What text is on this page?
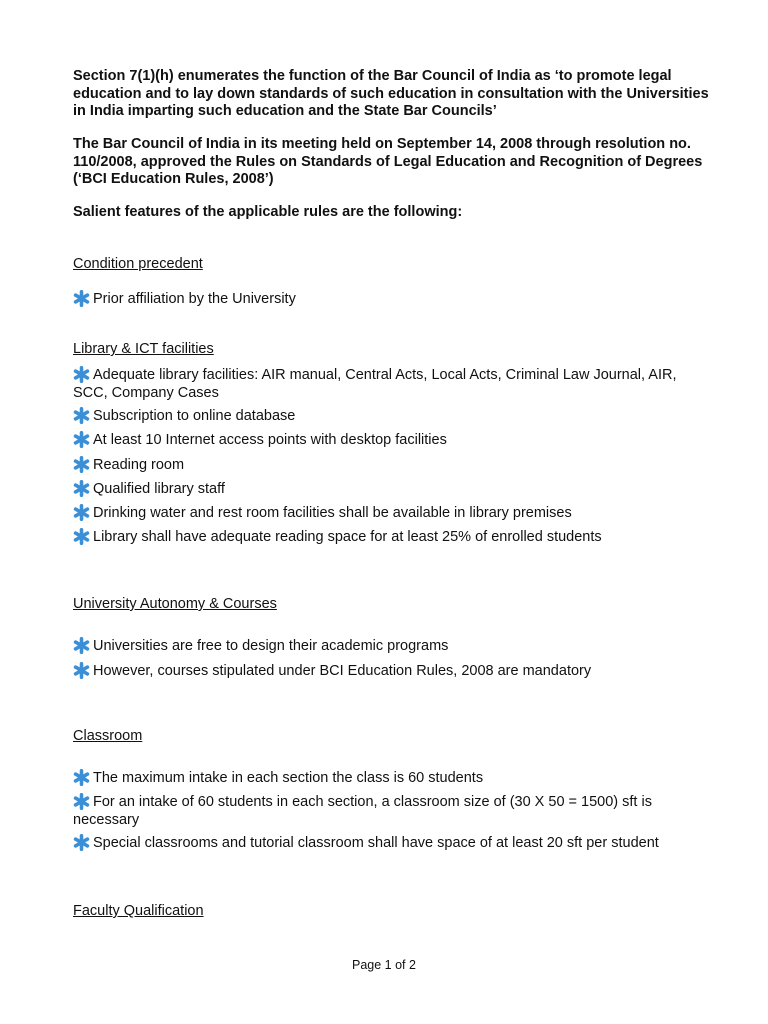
Section 7(1)(h) enumerates the function of the Bar Council of India as ‘to promote legal education and to lay down standards of such education in consultation with the Universities in India imparting such education and the State Bar Councils’

The Bar Council of India in its meeting held on September 14, 2008 through resolution no. 110/2008, approved the Rules on Standards of Legal Education and Recognition of Degrees (‘BCI Education Rules, 2008’)

Salient features of the applicable rules are the following:

Condition precedent

Prior affiliation by the University

Library & ICT facilities

Adequate library facilities: AIR manual, Central Acts, Local Acts, Criminal Law Journal, AIR, SCC, Company Cases

Subscription to online database

At least 10 Internet access points with desktop facilities

Reading room

Qualified library staff

Drinking water and rest room facilities shall be available in library premises

Library shall have adequate reading space for at least 25% of enrolled students

University Autonomy & Courses

Universities are free to design their academic programs

However, courses stipulated under BCI Education Rules, 2008 are mandatory

Classroom

The maximum intake in each section the class is 60 students

For an intake of 60 students in each section, a classroom size of (30 X 50 = 1500) sft is necessary

Special classrooms and tutorial classroom shall have space of at least 20 sft per student

Faculty Qualification

Page 1 of 2
